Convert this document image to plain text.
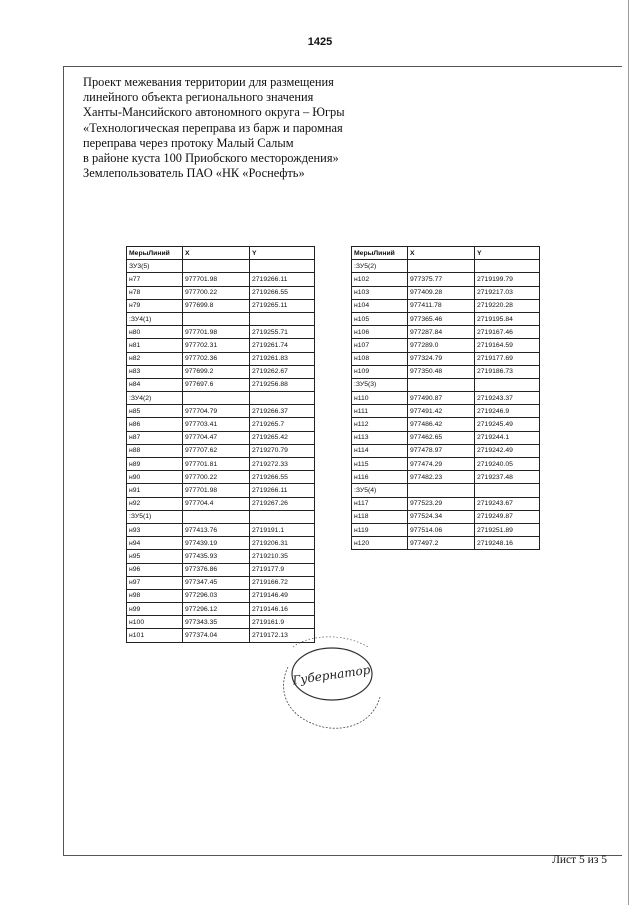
1425
Проект межевания территории для размещения
линейного объекта регионального значения
Ханты-Мансийского автономного округа – Югры
«Технологическая переправа из барж и паромная
переправа через протоку Малый Салым
в районе куста 100 Приобского месторождения»
Землепользователь ПАО «НК «Роснефть»
МерыЛиний	X	Y
ЗУ3(5)		
н77	977701.98	2719266.11
н78	977700.22	2719266.55
н79	977699.8	2719265.11
:ЗУ4(1)		
н80	977701.98	2719255.71
н81	977702.31	2719261.74
н82	977702.36	2719261.83
н83	977699.2	2719262.67
н84	977697.6	2719256.88
:ЗУ4(2)		
н85	977704.79	2719266.37
н86	977703.41	2719265.7
н87	977704.47	2719265.42
н88	977707.62	2719270.79
н89	977701.81	2719272.33
н90	977700.22	2719266.55
н91	977701.98	2719266.11
н92	977704.4	2719267.26
:ЗУ5(1)		
н93	977413.76	2719191.1
н94	977439.19	2719206.31
н95	977435.93	2719210.35
н96	977376.86	2719177.9
н97	977347.45	2719166.72
н98	977296.03	2719146.49
н99	977296.12	2719146.16
н100	977343.35	2719161.9
н101	977374.04	2719172.13
МерыЛиний	X	Y
:ЗУ5(2)		
н102	977375.77	2719199.79
н103	977409.28	2719217.03
н104	977411.78	2719220.28
н105	977365.46	2719195.84
н106	977287.84	2719167.46
н107	977289.0	2719164.59
н108	977324.79	2719177.69
н109	977350.48	2719186.73
:ЗУ5(3)		
н110	977490.87	2719243.37
н111	977491.42	2719246.9
н112	977486.42	2719245.49
н113	977462.65	2719244.1
н114	977478.97	2719242.49
н115	977474.29	2719240.05
н116	977482.23	2719237.48
:ЗУ5(4)		
н117	977523.29	2719243.67
н118	977524.34	2719249.87
н119	977514.06	2719251.89
н120	977497.2	2719248.16
Губернатор
Лист 5 из 5
